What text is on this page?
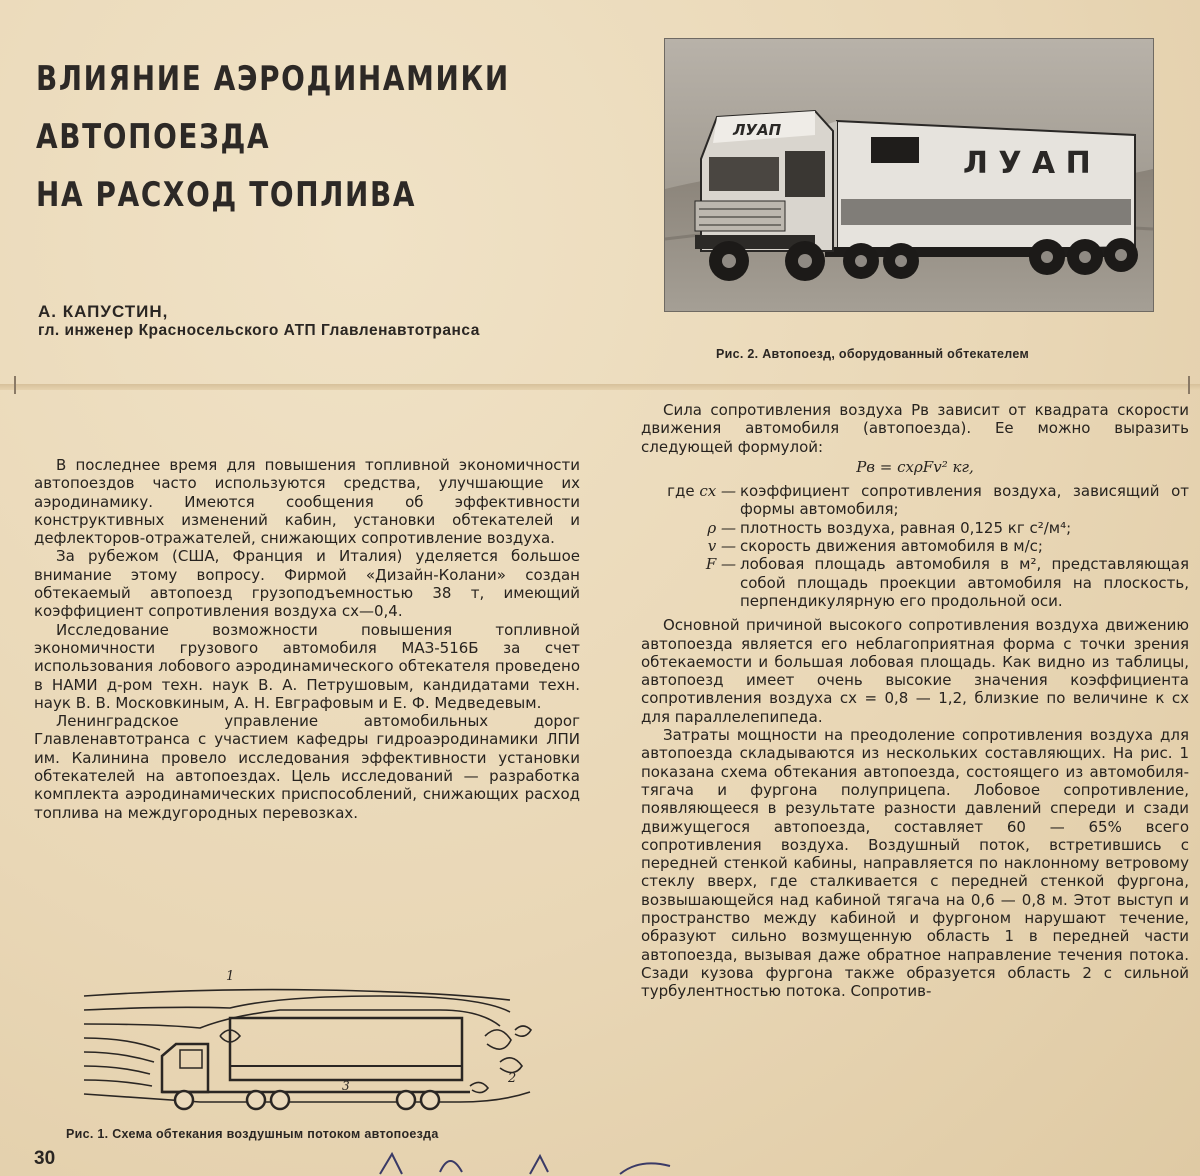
ВЛИЯНИЕ АЭРОДИНАМИКИ
АВТОПОЕЗДА
НА РАСХОД ТОПЛИВА
А. КАПУСТИН,
гл. инженер Красносельского АТП Главленавтотранса
Л У А П
ЛУАП
Рис. 2. Автопоезд, оборудованный обтекателем

В последнее время для повышения топливной экономичности автопоездов часто используются средства, улучшающие их аэродинамику. Имеются сообщения об эффективности конструктивных изменений кабин, установки обтекателей и дефлекторов-отражателей, снижающих сопротивление воздуха.

За рубежом (США, Франция и Италия) уделяется большое внимание этому вопросу. Фирмой «Дизайн-Колани» создан обтекаемый автопоезд грузоподъемностью 38 т, имеющий коэффициент сопротивления воздуха cx—0,4.

Исследование возможности повышения топливной экономичности грузового автомобиля МАЗ-516Б за счет использования лобового аэродинамического обтекателя проведено в НАМИ д-ром техн. наук В. А. Петрушовым, кандидатами техн. наук В. В. Московкиным, А. Н. Евграфовым и Е. Ф. Медведевым.

Ленинградское управление автомобильных дорог Главленавтотранса с участием кафедры гидроаэродинамики ЛПИ им. Калинина провело исследования эффективности установки обтекателей на автопоездах. Цель исследований — разработка комплекта аэродинамических приспособлений, снижающих расход топлива на междугородных перевозках.

Сила сопротивления воздуха Pв зависит от квадрата скорости движения автомобиля (автопоезда). Ее можно выразить следующей формулой:

Pв = cxρFv² кг,
где cx — коэффициент сопротивления воздуха, зависящий от формы автомобиля;
ρ — плотность воздуха, равная 0,125 кг с²/м⁴;
v — скорость движения автомобиля в м/с;
F — лобовая площадь автомобиля в м², представляющая собой площадь проекции автомобиля на плоскость, перпендикулярную его продольной оси.

Основной причиной высокого сопротивления воздуха движению автопоезда является его неблагоприятная форма с точки зрения обтекаемости и большая лобовая площадь. Как видно из таблицы, автопоезд имеет очень высокие значения коэффициента сопротивления воздуха cx = 0,8 — 1,2, близкие по величине к cx для параллелепипеда.

Затраты мощности на преодоление сопротивления воздуха для автопоезда складываются из нескольких составляющих. На рис. 1 показана схема обтекания автопоезда, состоящего из автомобиля-тягача и фургона полуприцепа. Лобовое сопротивление, появляющееся в результате разности давлений спереди и сзади движущегося автопоезда, составляет 60 — 65% всего сопротивления воздуха. Воздушный поток, встретившись с передней стенкой кабины, направляется по наклонному ветровому стеклу вверх, где сталкивается с передней стенкой фургона, возвышающейся над кабиной тягача на 0,6 — 0,8 м. Этот выступ и пространство между кабиной и фургоном нарушают течение, образуют сильно возмущенную область 1 в передней части автопоезда, вызывая даже обратное направление течения потока. Сзади кузова фургона также образуется область 2 с сильной турбулентностью потока. Сопротив-

1
2
3
Рис. 1. Схема обтекания воздушным потоком автопоезда
30
